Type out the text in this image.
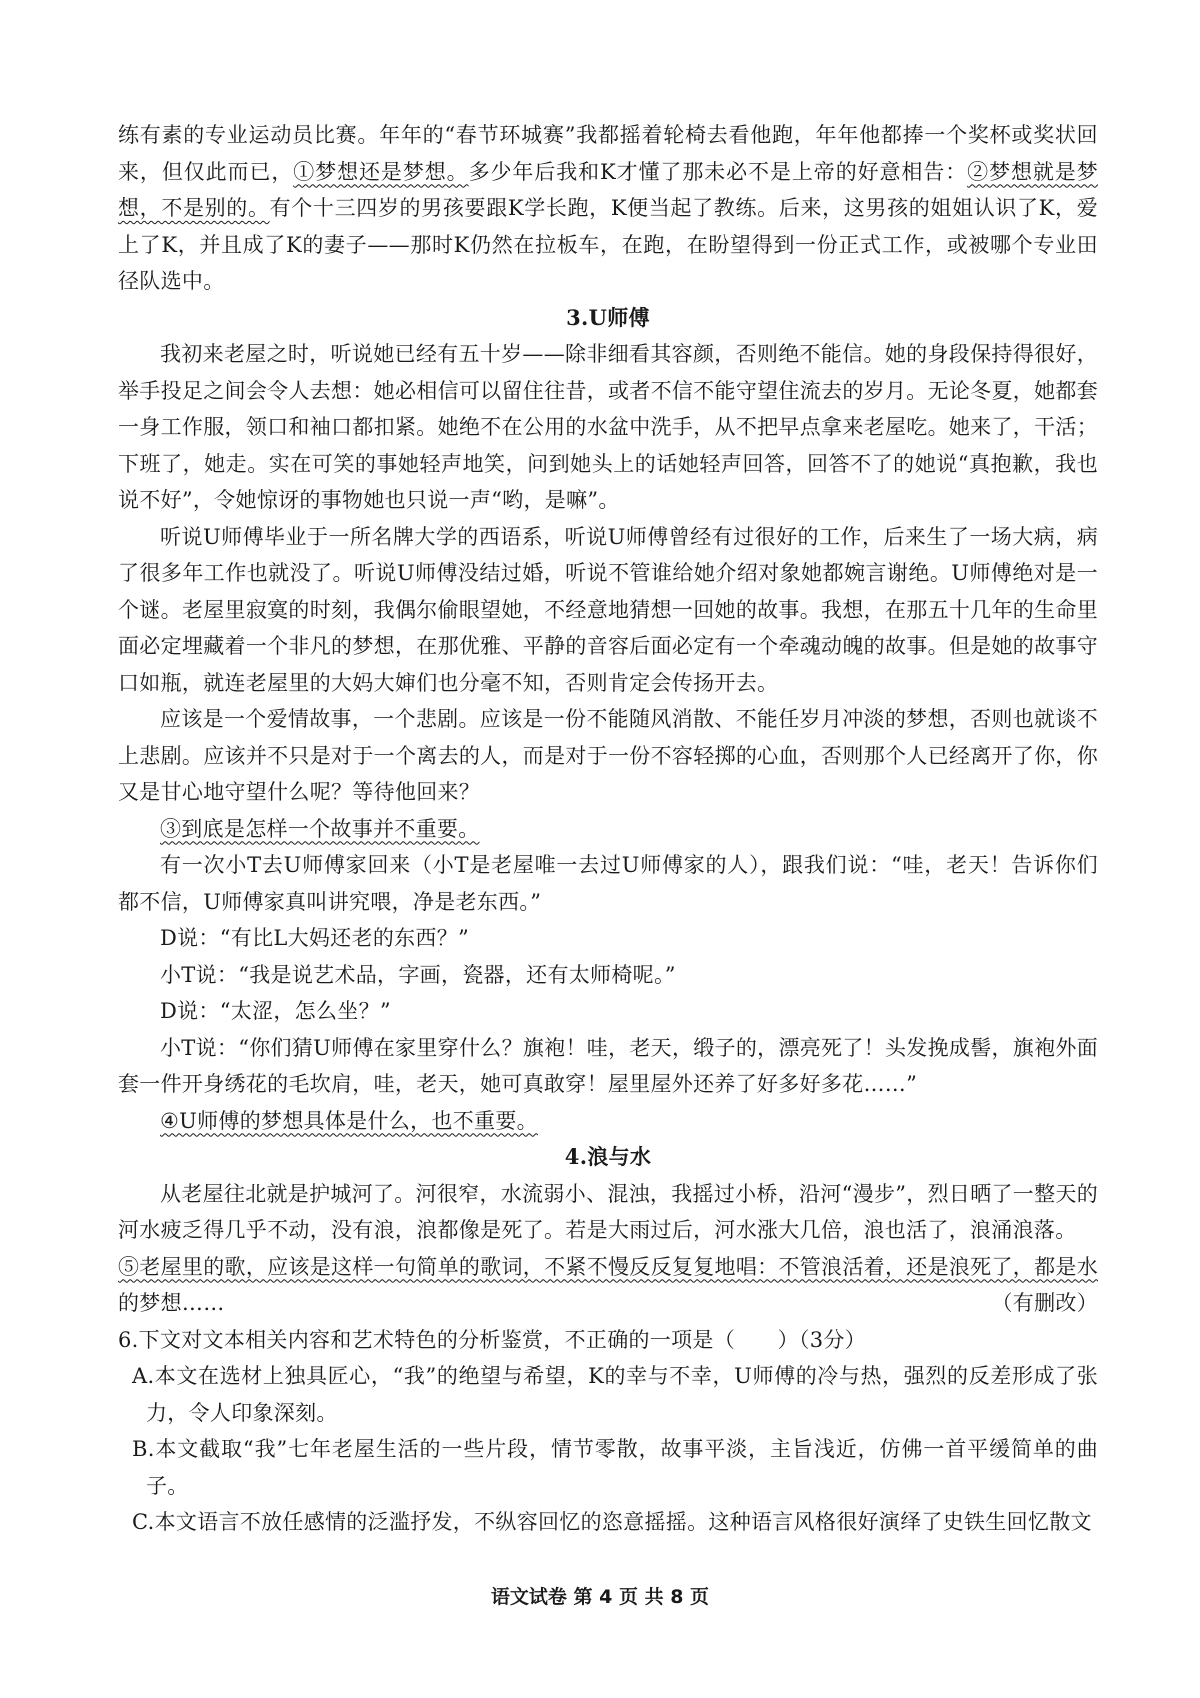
练有素的专业运动员比赛。年年的“春节环城赛”我都摇着轮椅去看他跑，年年他都捧一个奖杯或奖状回来，但仅此而已，①梦想还是梦想。多少年后我和K才懂了那未必不是上帝的好意相告：②梦想就是梦想，不是别的。有个十三四岁的男孩要跟K学长跑，K便当起了教练。后来，这男孩的姐姐认识了K，爱上了K，并且成了K的妻子——那时K仍然在拉板车，在跑，在盼望得到一份正式工作，或被哪个专业田径队选中。

3.U师傅

我初来老屋之时，听说她已经有五十岁——除非细看其容颜，否则绝不能信。她的身段保持得很好，举手投足之间会令人去想：她必相信可以留住往昔，或者不信不能守望住流去的岁月。无论冬夏，她都套一身工作服，领口和袖口都扣紧。她绝不在公用的水盆中洗手，从不把早点拿来老屋吃。她来了，干活；下班了，她走。实在可笑的事她轻声地笑，问到她头上的话她轻声回答，回答不了的她说“真抱歉，我也说不好”，令她惊讶的事物她也只说一声“哟，是嘛”。

听说U师傅毕业于一所名牌大学的西语系，听说U师傅曾经有过很好的工作，后来生了一场大病，病了很多年工作也就没了。听说U师傅没结过婚，听说不管谁给她介绍对象她都婉言谢绝。U师傅绝对是一个谜。老屋里寂寞的时刻，我偶尔偷眼望她，不经意地猜想一回她的故事。我想，在那五十几年的生命里面必定埋藏着一个非凡的梦想，在那优雅、平静的音容后面必定有一个牵魂动魄的故事。但是她的故事守口如瓶，就连老屋里的大妈大婶们也分毫不知，否则肯定会传扬开去。

应该是一个爱情故事，一个悲剧。应该是一份不能随风消散、不能任岁月冲淡的梦想，否则也就谈不上悲剧。应该并不只是对于一个离去的人，而是对于一份不容轻掷的心血，否则那个人已经离开了你，你又是甘心地守望什么呢？等待他回来？

③到底是怎样一个故事并不重要。

有一次小T去U师傅家回来（小T是老屋唯一去过U师傅家的人），跟我们说：“哇，老天！告诉你们都不信，U师傅家真叫讲究喂，净是老东西。”

D说：“有比L大妈还老的东西？”

小T说：“我是说艺术品，字画，瓷器，还有太师椅呢。”

D说：“太涩，怎么坐？”

小T说：“你们猜U师傅在家里穿什么？旗袍！哇，老天，缎子的，漂亮死了！头发挽成髻，旗袍外面套一件开身绣花的毛坎肩，哇，老天，她可真敢穿！屋里屋外还养了好多好多花……”

④U师傅的梦想具体是什么，也不重要。

4.浪与水

从老屋往北就是护城河了。河很窄，水流弱小、混浊，我摇过小桥，沿河“漫步”，烈日晒了一整天的河水疲乏得几乎不动，没有浪，浪都像是死了。若是大雨过后，河水涨大几倍，浪也活了，浪涌浪落。

⑤老屋里的歌，应该是这样一句简单的歌词，不紧不慢反反复复地唱：不管浪活着，还是浪死了，都是水的梦想……	（有删改）

6.下文对文本相关内容和艺术特色的分析鉴赏，不正确的一项是（　　）（3分）

A.本文在选材上独具匠心，“我”的绝望与希望，K的幸与不幸，U师傅的冷与热，强烈的反差形成了张力，令人印象深刻。

B.本文截取“我”七年老屋生活的一些片段，情节零散，故事平淡，主旨浅近，仿佛一首平缓简单的曲子。

C.本文语言不放任感情的泛滥抒发，不纵容回忆的恣意摇摇。这种语言风格很好演绎了史铁生回忆散文

语文试卷 第 4 页 共 8 页
